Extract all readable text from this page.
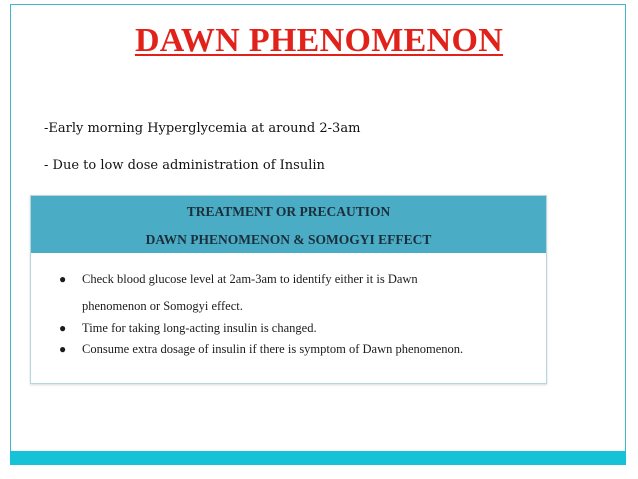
DAWN PHENOMENON
-Early morning Hyperglycemia at around 2-3am
- Due to low dose administration of Insulin
TREATMENT OR PRECAUTION
DAWN PHENOMENON & SOMOGYI EFFECT
● Check blood glucose level at 2am-3am to identify either it is Dawn
phenomenon or Somogyi effect.
● Time for taking long-acting insulin is changed.
● Consume extra dosage of insulin if there is symptom of Dawn phenomenon.
